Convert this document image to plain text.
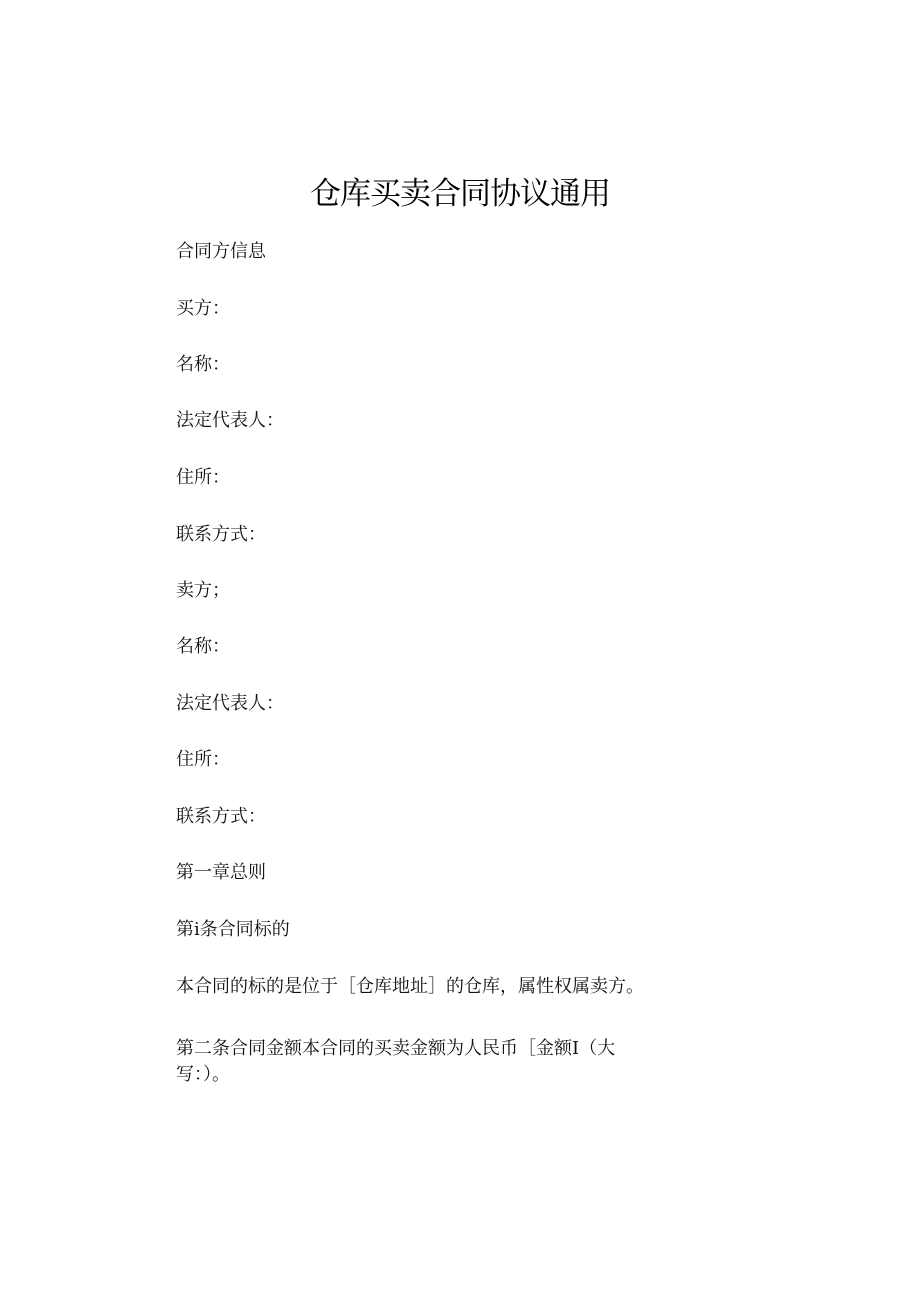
仓库买卖合同协议通用
合同方信息
买方：
名称：
法定代表人：
住所：
联系方式：
卖方；
名称：
法定代表人：
住所：
联系方式：
第一章总则
第i条合同标的
本合同的标的是位于［仓库地址］的仓库，属性权属卖方。
第二条合同金额本合同的买卖金额为人民币［金额I（大写：）。
